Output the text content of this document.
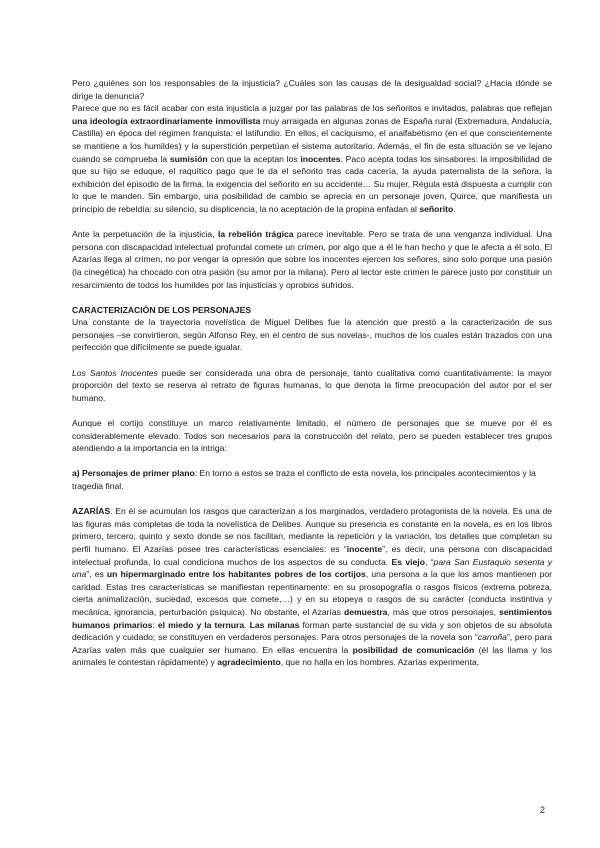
Pero ¿quiénes son los responsables de la injusticia? ¿Cuáles son las causas de la desigualdad social? ¿Hacia dónde se dirige la denuncia?

Parece que no es fácil acabar con esta injusticia a juzgar por las palabras de los señoritos e invitados, palabras que reflejan una ideología extraordinariamente inmovilista muy arraigada en algunas zonas de España rural (Extremadura, Andalucía, Castilla) en época del régimen franquista: el latifundio. En ellos, el caciquismo, el analfabetismo (en el que conscientemente se mantiene a los humildes) y la superstición perpetúan el sistema autoritario. Además, el fin de esta situación se ve lejano cuando se comprueba la sumisión con que la aceptan los inocentes. Paco acepta todas los sinsabores: la imposibilidad de que su hijo se eduque, el raquítico pago que le da el señorito tras cada cacería, la ayuda paternalista de la señora, la exhibición del episodio de la firma, la exigencia del señorito en su accidente… Su mujer, Régula está dispuesta a cumplir con lo que le manden. Sin embargo, una posibilidad de cambio se aprecia en un personaje joven, Quirce, que manifiesta un principio de rebeldía: su silencio, su displicencia, la no aceptación de la propina enfadan al señorito.

Ante la perpetuación de la injusticia, la rebelión trágica parece inevitable. Pero se trata de una venganza individual. Una persona con discapacidad intelectual profundal comete un crimen, por algo que a él le han hecho y que le afecta a él solo. El Azarías llega al crimen, no por vengar la opresión que sobre los inocentes ejercen los señores, sino solo porque una pasión (la cinegética) ha chocado con otra pasión (su amor por la milana). Pero al lector este crimen le parece justo por constituir un resarcimiento de todos los humildes por las injusticias y oprobios sufridos.

CARACTERIZACIÓN DE LOS PERSONAJES

Una constante de la trayectoria novelística de Miguel Delibes fue la atención que prestó a la caracterización de sus personajes –se convirtieron, según Alfonso Rey, en el centro de sus novelas-, muchos de los cuales están trazados con una perfección que difícilmente se puede igualar.

Los Santos Inocentes puede ser considerada una obra de personaje, tanto cualitativa como cuantitativamente: la mayor proporción del texto se reserva al retrato de figuras humanas, lo que denota la firme preocupación del autor por el ser humano.

Aunque el cortijo constituye un marco relativamente limitado, el número de personajes que se mueve por él es considerablemente elevado. Todos son necesarios para la construcción del relato, pero se pueden establecer tres grupos atendiendo a la importancia en la intriga:

a) Personajes de primer plano: En torno a estos se traza el conflicto de esta novela, los principales acontecimientos y la tragedia final.

AZARÍAS. En él se acumulan los rasgos que caracterizan a los marginados, verdadero protagonista de la novela. Es una de las figuras más completas de toda la novelística de Delibes. Aunque su presencia es constante en la novela, es en los libros primero, tercero, quinto y sexto donde se nos facilitan, mediante la repetición y la variación, los detalles que completan su perfil humano. El Azarías posee tres características esenciales: es “inocente”, es decir, una persona con discapacidad intelectual profunda, lo cual condiciona muchos de los aspectos de su conducta. Es viejo, “para San Eustaquio sesenta y una”, es un hipermarginado entre los habitantes pobres de los cortijos, una persona a la que los amos mantienen por caridad. Estas tres características se manifiestan repentinamente: en su prosopografía o rasgos físicos (extrema pobreza, cierta animalización, suciedad, excesos que comete,…) y en su etopeya o rasgos de su carácter (conducta instintiva y mecánica, ignorancia, perturbación psíquica). No obstante, el Azarías demuestra, más que otros personajes, sentimientos humanos primarios: el miedo y la ternura. Las milanas forman parte sustancial de su vida y son objetos de su absoluta dedicación y cuidado; se constituyen en verdaderos personajes. Para otros personajes de la novela son “carroña”, pero para Azarías valen más que cualquier ser humano. En ellas encuentra la posibilidad de comunicación (él las llama y los animales le contestan rápidamente) y agradecimiento, que no halla en los hombres. Azarías experimenta,

2
